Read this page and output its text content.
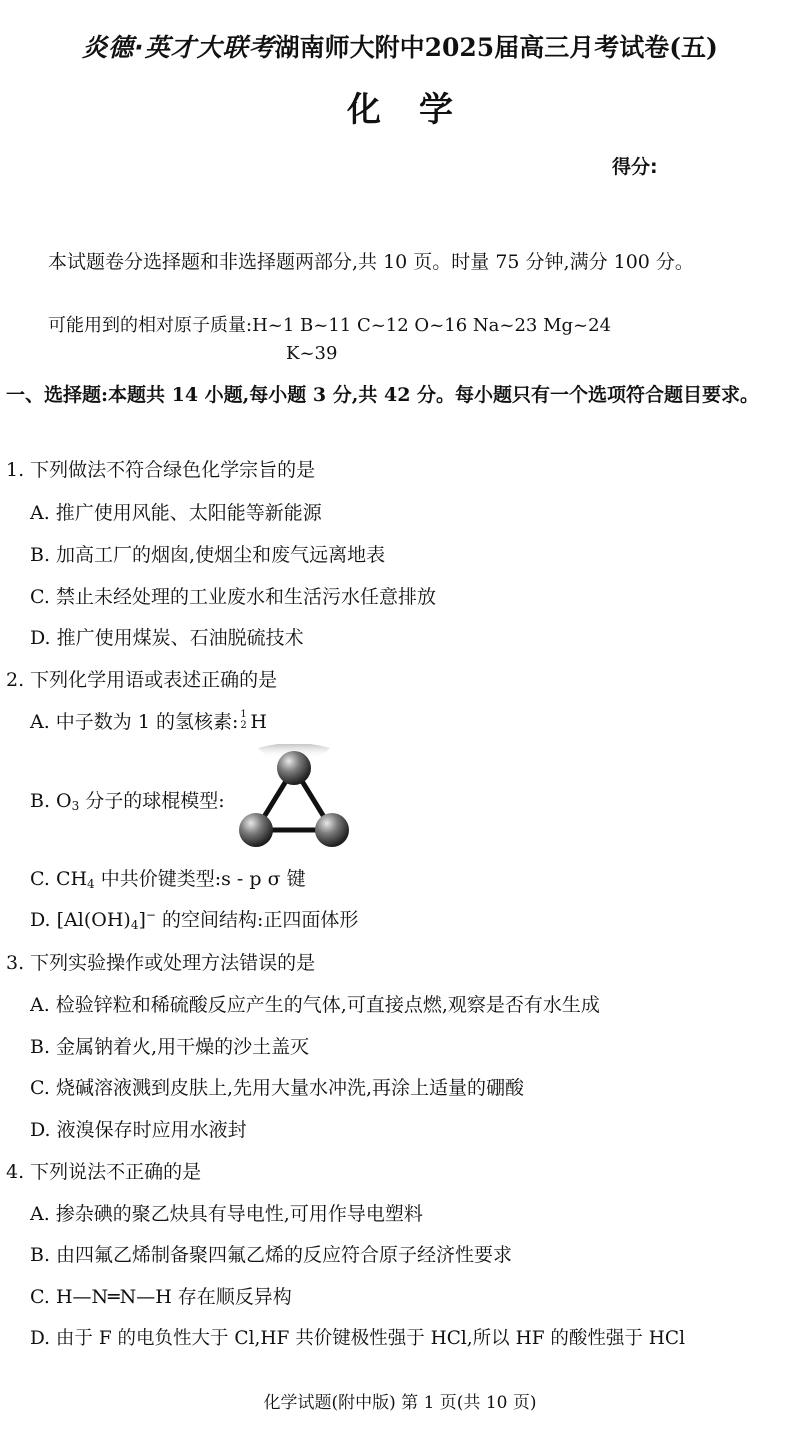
炎德·英才大联考湖南师大附中2025届高三月考试卷(五)
化学
得分:
本试题卷分选择题和非选择题两部分,共 10 页。时量 75 分钟,满分 100 分。
可能用到的相对原子质量:H~1 B~11 C~12 O~16 Na~23 Mg~24
K~39
一、选择题:本题共 14 小题,每小题 3 分,共 42 分。每小题只有一个选项符合题目要求。
1. 下列做法不符合绿色化学宗旨的是
A. 推广使用风能、太阳能等新能源
B. 加高工厂的烟囱,使烟尘和废气远离地表
C. 禁止未经处理的工业废水和生活污水任意排放
D. 推广使用煤炭、石油脱硫技术
2. 下列化学用语或表述正确的是
A. 中子数为 1 的氢核素: 1
2 H
B. $O_3$ 分子的球棍模型:
C. $CH_4$ 中共价键类型:s - p σ 键
D. $[Al(OH)_4]^-$ 的空间结构:正四面体形
3. 下列实验操作或处理方法错误的是
A. 检验锌粒和稀硫酸反应产生的气体,可直接点燃,观察是否有水生成
B. 金属钠着火,用干燥的沙土盖灭
C. 烧碱溶液溅到皮肤上,先用大量水冲洗,再涂上适量的硼酸
D. 液溴保存时应用水液封
4. 下列说法不正确的是
A. 掺杂碘的聚乙炔具有导电性,可用作导电塑料
B. 由四氟乙烯制备聚四氟乙烯的反应符合原子经济性要求
C. H—N═N—H 存在顺反异构
D. 由于 F 的电负性大于 Cl,HF 共价键极性强于 HCl,所以 HF 的酸性强于 HCl
化学试题(附中版) 第 1 页(共 10 页)
